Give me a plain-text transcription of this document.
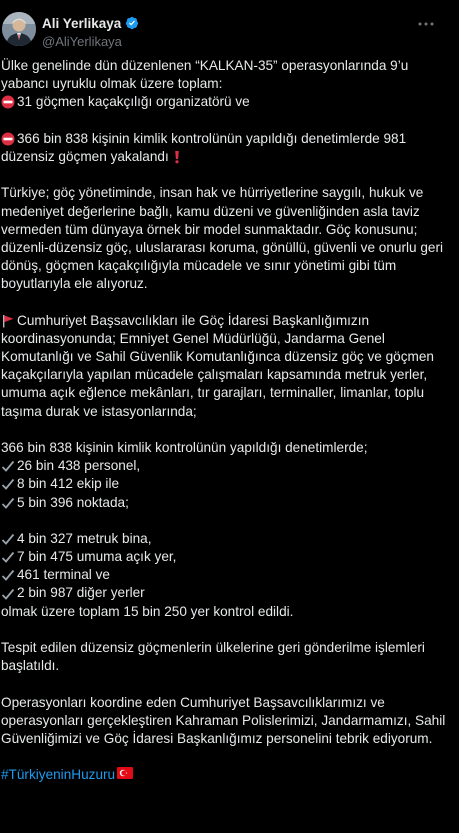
Ali Yerlikaya
@AliYerlikaya
Ülke genelinde dün düzenlenen “KALKAN-35” operasyonlarında 9’u
yabancı uyruklu olmak üzere toplam:
31 göçmen kaçakçılığı organizatörü ve
366 bin 838 kişinin kimlik kontrolünün yapıldığı denetimlerde 981
düzensiz göçmen yakalandı
Türkiye; göç yönetiminde, insan hak ve hürriyetlerine saygılı, hukuk ve
medeniyet değerlerine bağlı, kamu düzeni ve güvenliğinden asla taviz
vermeden tüm dünyaya örnek bir model sunmaktadır. Göç konusunu;
düzenli-düzensiz göç, uluslararası koruma, gönüllü, güvenli ve onurlu geri
dönüş, göçmen kaçakçılığıyla mücadele ve sınır yönetimi gibi tüm
boyutlarıyla ele alıyoruz.
Cumhuriyet Başsavcılıkları ile Göç İdaresi Başkanlığımızın
koordinasyonunda; Emniyet Genel Müdürlüğü, Jandarma Genel
Komutanlığı ve Sahil Güvenlik Komutanlığınca düzensiz göç ve göçmen
kaçakçılarıyla yapılan mücadele çalışmaları kapsamında metruk yerler,
umuma açık eğlence mekânları, tır garajları, terminaller, limanlar, toplu
taşıma durak ve istasyonlarında;
366 bin 838 kişinin kimlik kontrolünün yapıldığı denetimlerde;
26 bin 438 personel,
8 bin 412 ekip ile
5 bin 396 noktada;
4 bin 327 metruk bina,
7 bin 475 umuma açık yer,
461 terminal ve
2 bin 987 diğer yerler
olmak üzere toplam 15 bin 250 yer kontrol edildi.
Tespit edilen düzensiz göçmenlerin ülkelerine geri gönderilme işlemleri
başlatıldı.
Operasyonları koordine eden Cumhuriyet Başsavcılıklarımızı ve
operasyonları gerçekleştiren Kahraman Polislerimizi, Jandarmamızı, Sahil
Güvenliğimizi ve Göç İdaresi Başkanlığımız personelini tebrik ediyorum.
#TürkiyeninHuzuru
